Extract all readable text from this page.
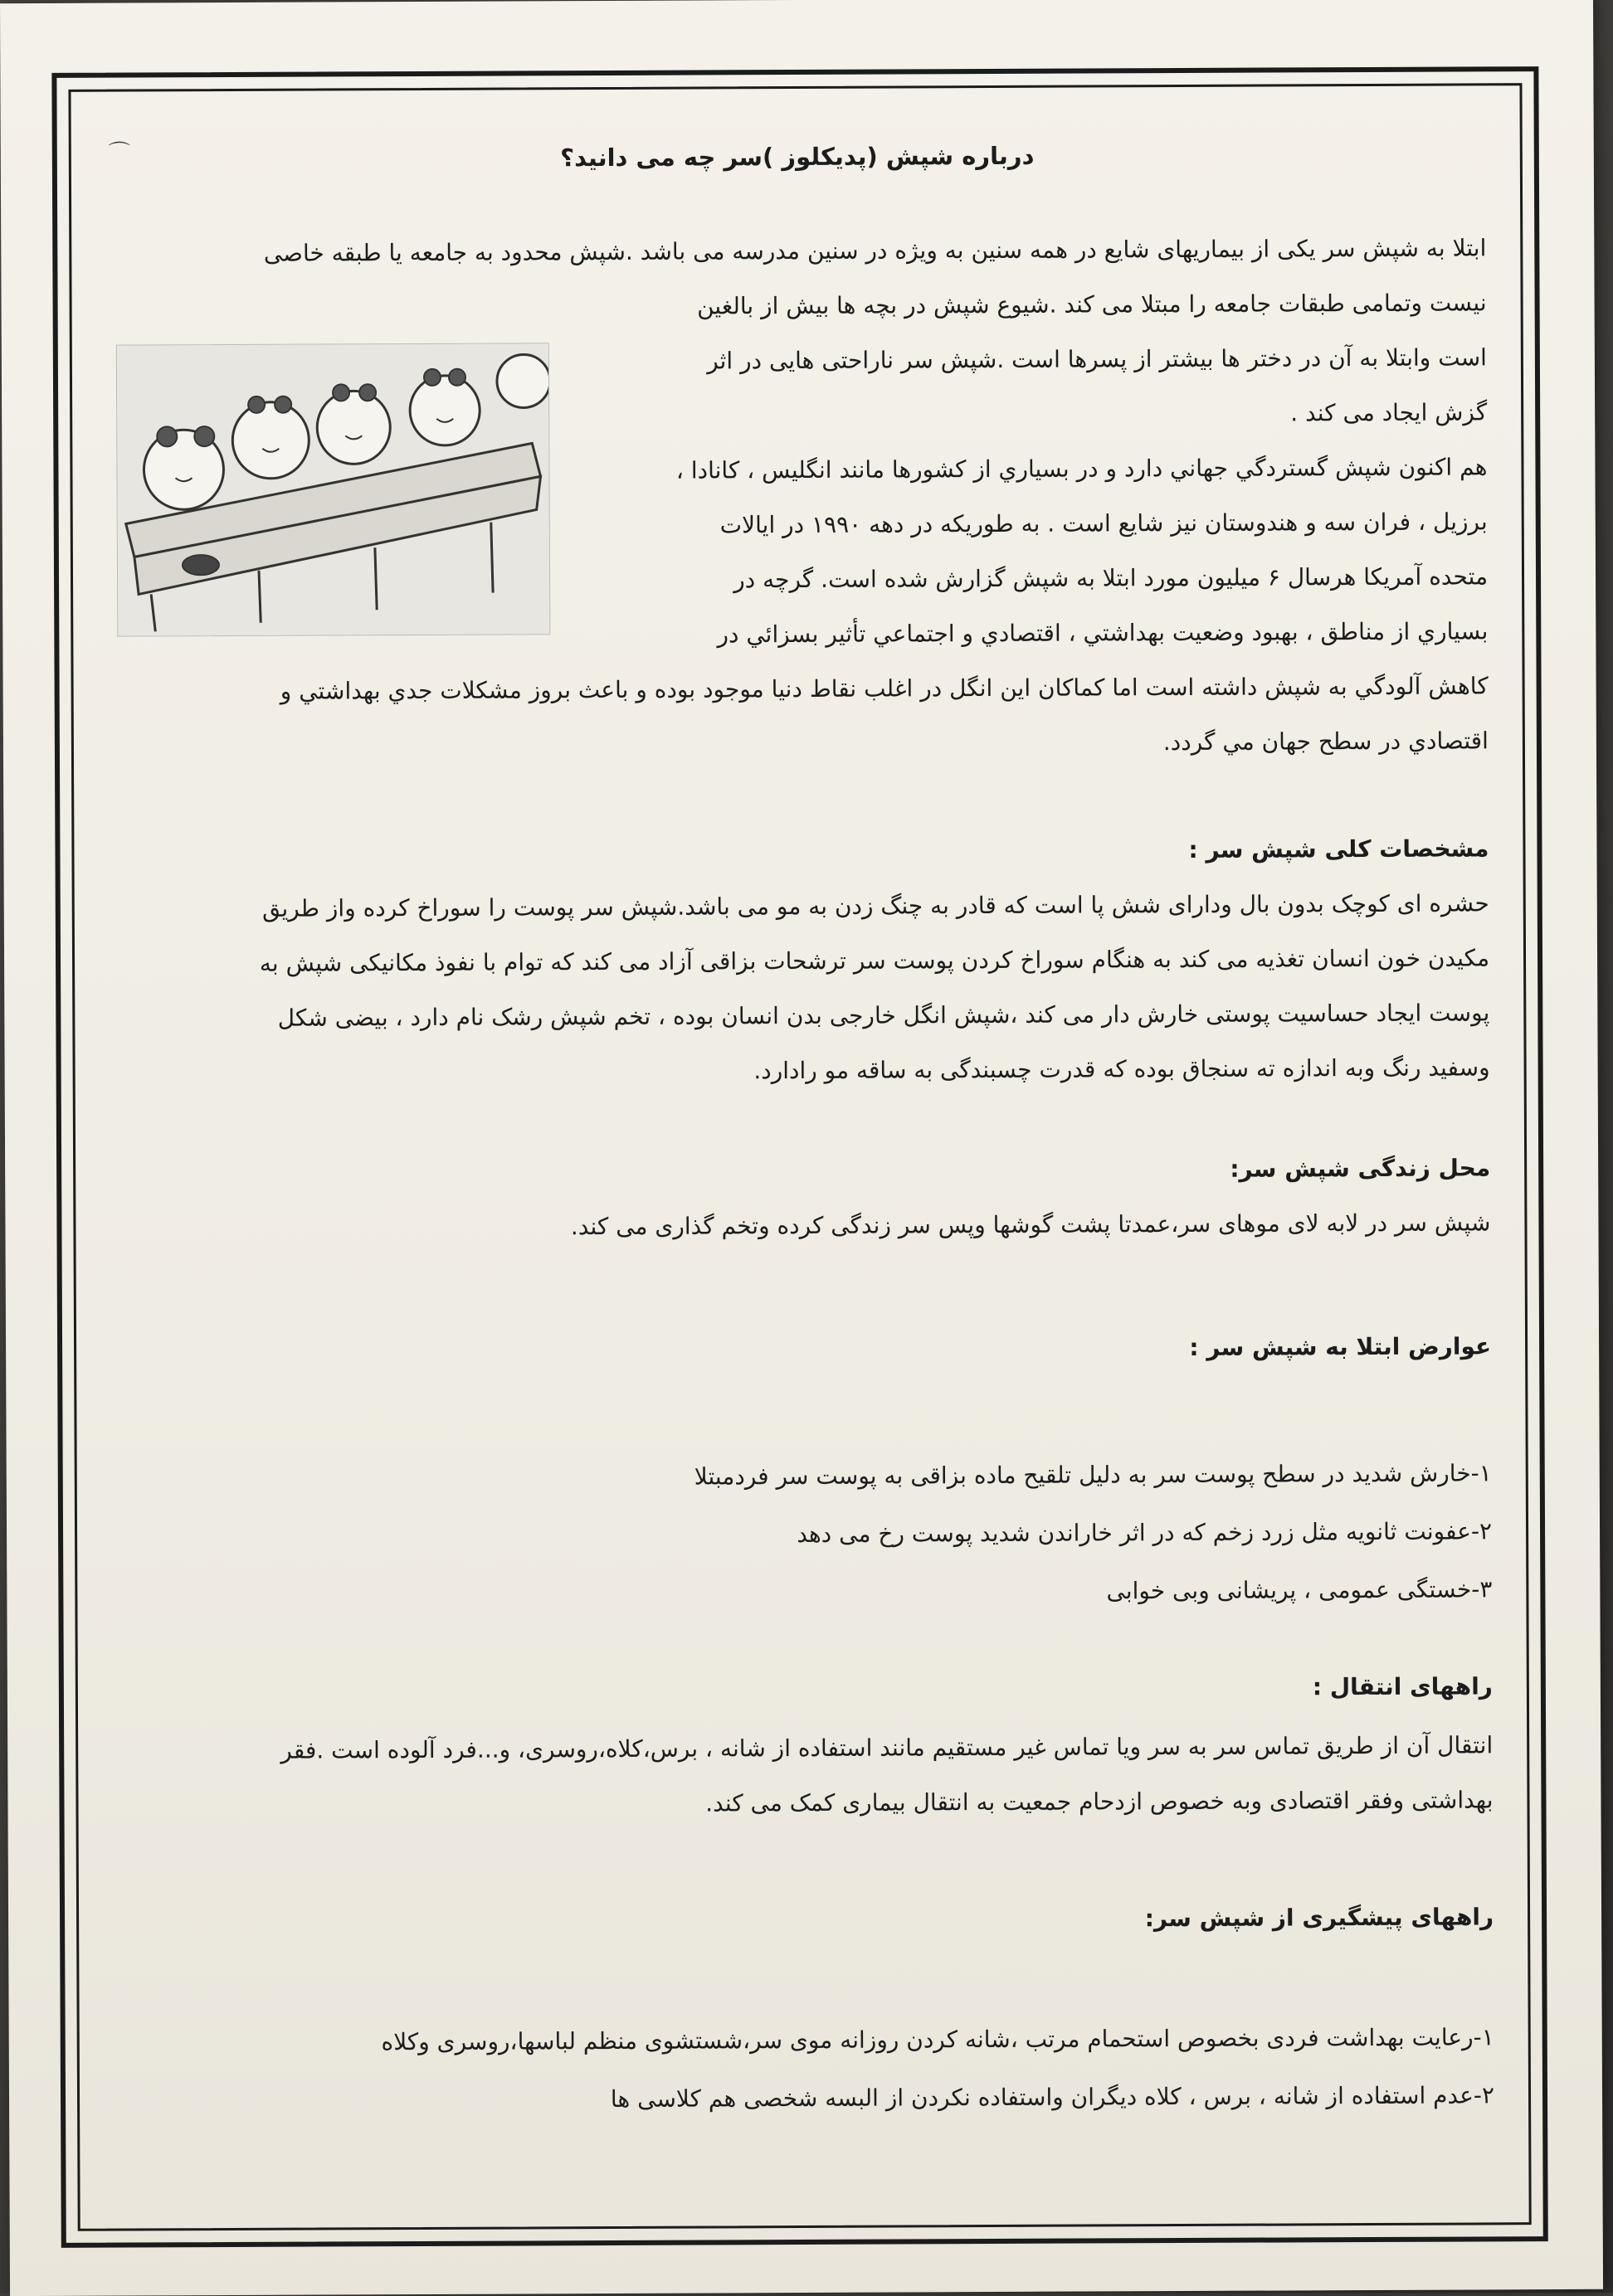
⌒	درباره شپش (پدیکلوز )سر چه می دانید؟

ابتلا به شپش سر یکی از بیماریهای شایع در همه سنین به ویژه در سنین مدرسه می باشد .شپش محدود به جامعه یا طبقه خاصی

نیست وتمامی طبقات جامعه را مبتلا می کند .شیوع شپش در بچه ها بیش از بالغین

است وابتلا به آن در دختر ها بیشتر از پسرها است .شپش سر ناراحتی هایی در اثر

گزش ایجاد می کند .

هم اکنون شپش گسترد‌گي جهاني دارد و در بسياري از كشور‌ها مانند انگليس ، كانادا ،

برزيل ، فران سه و هندوستان نيز شايع است . به طوريكه در دهه ۱۹۹۰ در ايالات

متحده آمريكا هرسال ۶ ميليون مورد ابتلا به شپش گزارش شده است. گرچه در

بسياري از مناطق ، بهبود وضعيت بهداشتي ، اقتصادي و اجتماعي تأثير بسزائي در

كاهش آلودگي به شپش داشته است اما كماكان اين انگل در اغلب نقاط دنيا موجود بوده و باعث بروز مشكلات جدي بهداشتي و

اقتصادي در سطح جهان مي گردد.

مشخصات کلی شپش سر :

حشره ای کوچک بدون بال ودارای شش پا است که قادر به چنگ زدن به مو می باشد.شپش سر پوست را سوراخ کرده واز طریق

مکیدن خون انسان تغذیه می کند به هنگام سوراخ کردن پوست سر ترشحات بزاقی آزاد می کند که توام با نفوذ مکانیکی شپش به

پوست ایجاد حساسیت پوستی خارش دار می کند ،شپش انگل خارجی بدن انسان بوده ، تخم شپش رشک نام دارد ، بیضی شکل

وسفید رنگ وبه اندازه ته سنجاق بوده که قدرت چسبندگی به ساقه مو رادارد.

محل زندگی شپش سر:

شپش سر در لابه لای موهای سر،عمدتا پشت گوشها وپس سر زندگی کرده وتخم گذاری می کند.

عوارض ابتلا به شپش سر :

۱-خارش شدید در سطح پوست سر به دلیل تلقیح ماده بزاقی به پوست سر فردمبتلا

۲-عفونت ثانویه مثل زرد زخم که در اثر خاراندن شدید پوست رخ می دهد

۳-خستگی عمومی ، پریشانی وبی خوابی

راههای انتقال :

انتقال آن از طریق تماس سر به سر ویا تماس غیر مستقیم مانند استفاده از شانه ، برس،کلاه،روسری، و...فرد آلوده است .فقر

بهداشتی وفقر اقتصادی وبه خصوص ازدحام جمعیت به انتقال بیماری کمک می کند.

راههای پیشگیری از شپش سر:

۱-رعایت بهداشت فردی بخصوص استحمام مرتب ،شانه کردن روزانه موی سر،شستشوی منظم لباسها،روسری وکلاه

۲-عدم استفاده از شانه ، برس ، کلاه دیگران واستفاده نکردن از البسه شخصی هم کلاسی ها
